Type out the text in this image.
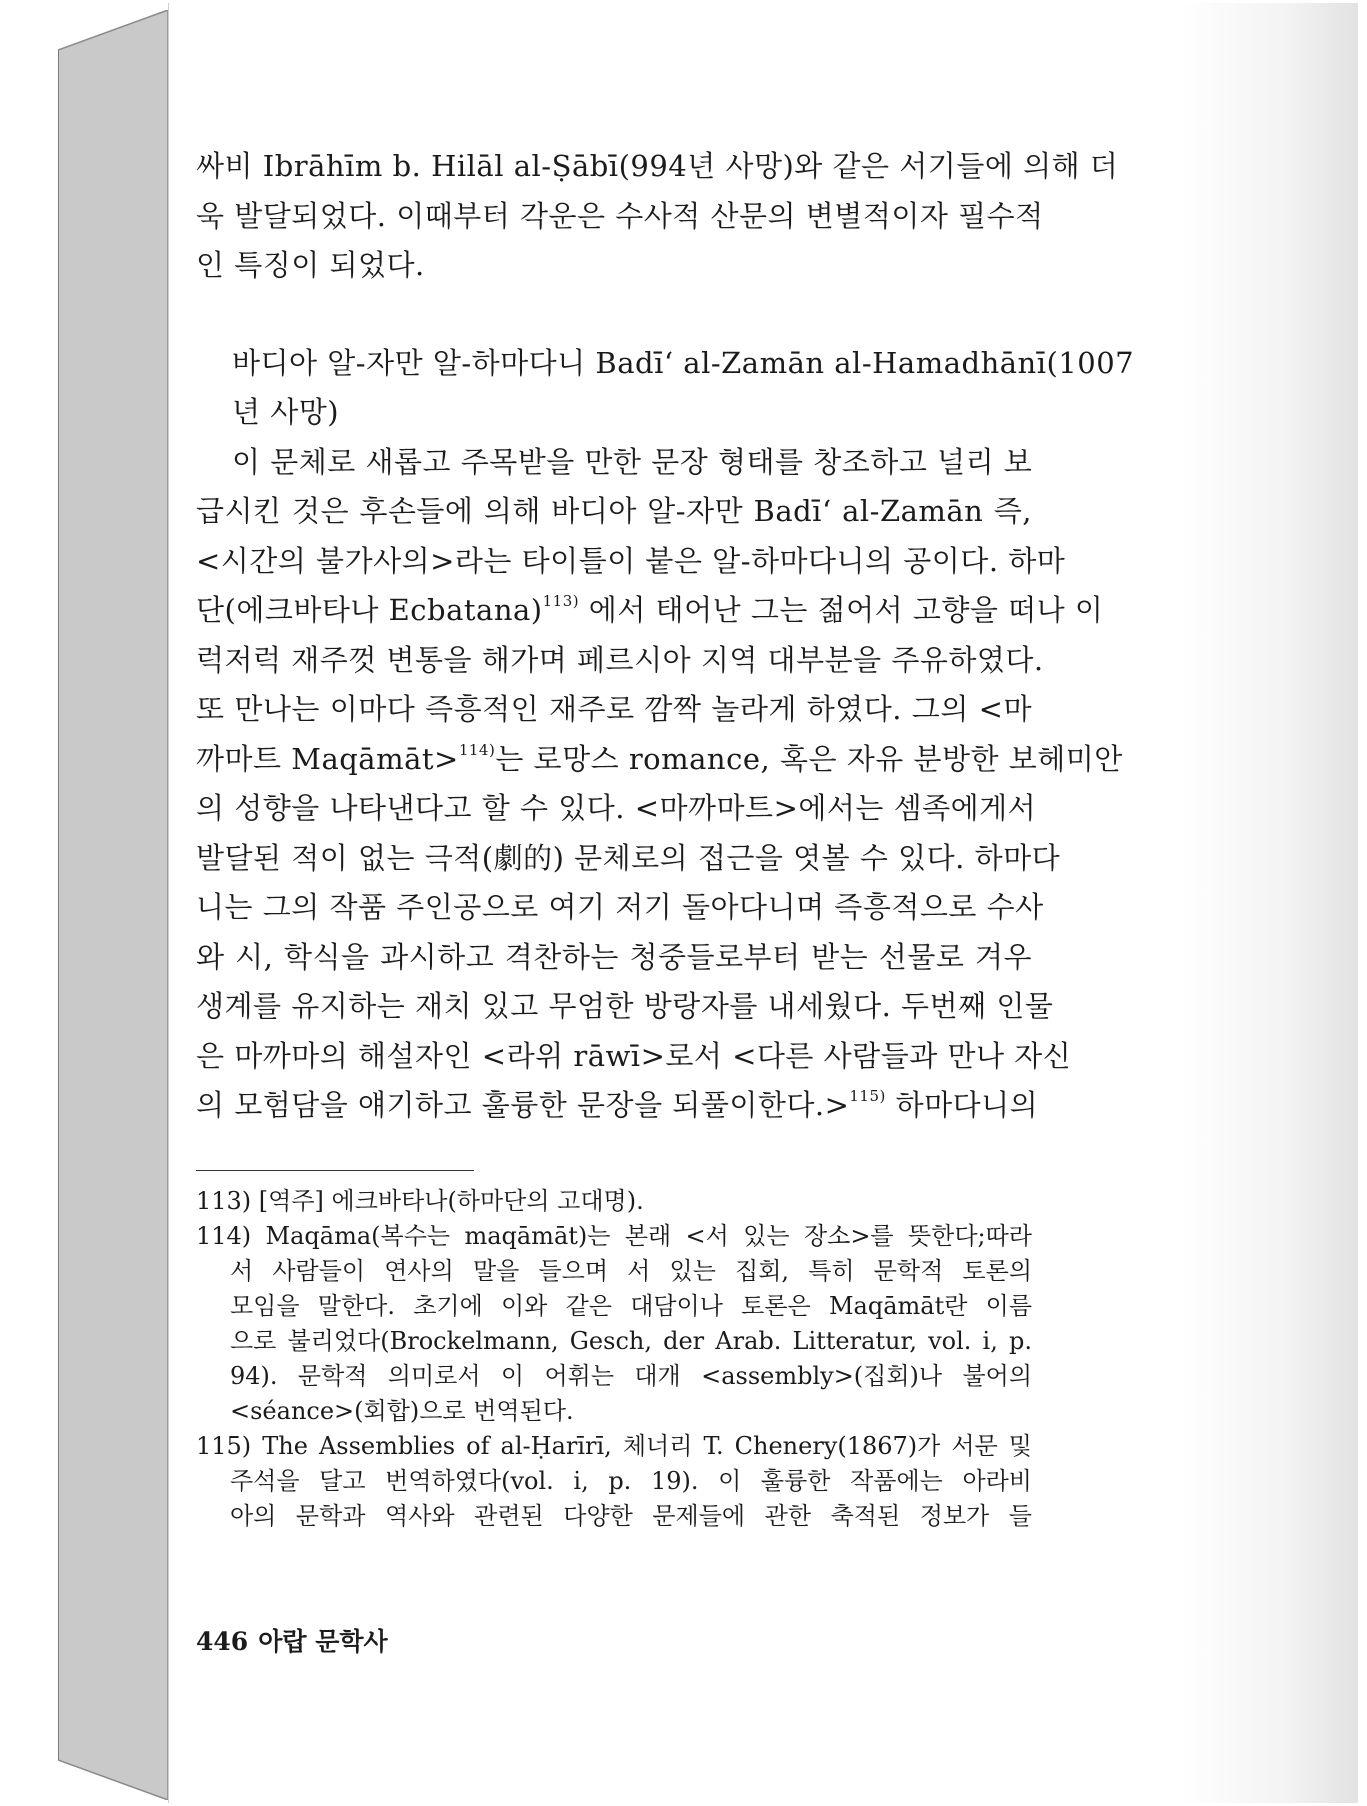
싸비 Ibrāhīm b. Hilāl al-Ṣābī(994년 사망)와 같은 서기들에 의해 더
욱 발달되었다. 이때부터 각운은 수사적 산문의 변별적이자 필수적
인 특징이 되었다.
바디아 알-자만 알-하마다니 Badī‘ al-Zamān al-Hamadhānī(1007
년 사망)
이 문체로 새롭고 주목받을 만한 문장 형태를 창조하고 널리 보
급시킨 것은 후손들에 의해 바디아 알-자만 Badī‘ al-Zamān 즉,
<시간의 불가사의>라는 타이틀이 붙은 알-하마다니의 공이다. 하마
단(에크바타나 Ecbatana)$^{113)}$ 에서 태어난 그는 젊어서 고향을 떠나 이
럭저럭 재주껏 변통을 해가며 페르시아 지역 대부분을 주유하였다.
또 만나는 이마다 즉흥적인 재주로 깜짝 놀라게 하였다. 그의 <마
까마트 Maqāmāt>$^{114)}$는 로망스 romance, 혹은 자유 분방한 보헤미안
의 성향을 나타낸다고 할 수 있다. <마까마트>에서는 셈족에게서
발달된 적이 없는 극적(劇的) 문체로의 접근을 엿볼 수 있다. 하마다
니는 그의 작품 주인공으로 여기 저기 돌아다니며 즉흥적으로 수사
와 시, 학식을 과시하고 격찬하는 청중들로부터 받는 선물로 겨우
생계를 유지하는 재치 있고 무엄한 방랑자를 내세웠다. 두번째 인물
은 마까마의 해설자인 <라위 rāwī>로서 <다른 사람들과 만나 자신
의 모험담을 얘기하고 훌륭한 문장을 되풀이한다.>$^{115)}$ 하마다니의
113) [역주] 에크바타나(하마단의 고대명).
114) Maqāma(복수는 maqāmāt)는 본래 <서 있는 장소>를 뜻한다;따라
서 사람들이 연사의 말을 들으며 서 있는 집회, 특히 문학적 토론의
모임을 말한다. 초기에 이와 같은 대담이나 토론은 Maqāmāt란 이름
으로 불리었다(Brockelmann, Gesch, der Arab. Litteratur, vol. i, p.
94). 문학적 의미로서 이 어휘는 대개 <assembly>(집회)나 불어의
<séance>(회합)으로 번역된다.
115) The Assemblies of al-Ḥarīrī, 체너리 T. Chenery(1867)가 서문 및
주석을 달고 번역하였다(vol. i, p. 19). 이 훌륭한 작품에는 아라비
아의 문학과 역사와 관련된 다양한 문제들에 관한 축적된 정보가 들
446 아랍 문학사
